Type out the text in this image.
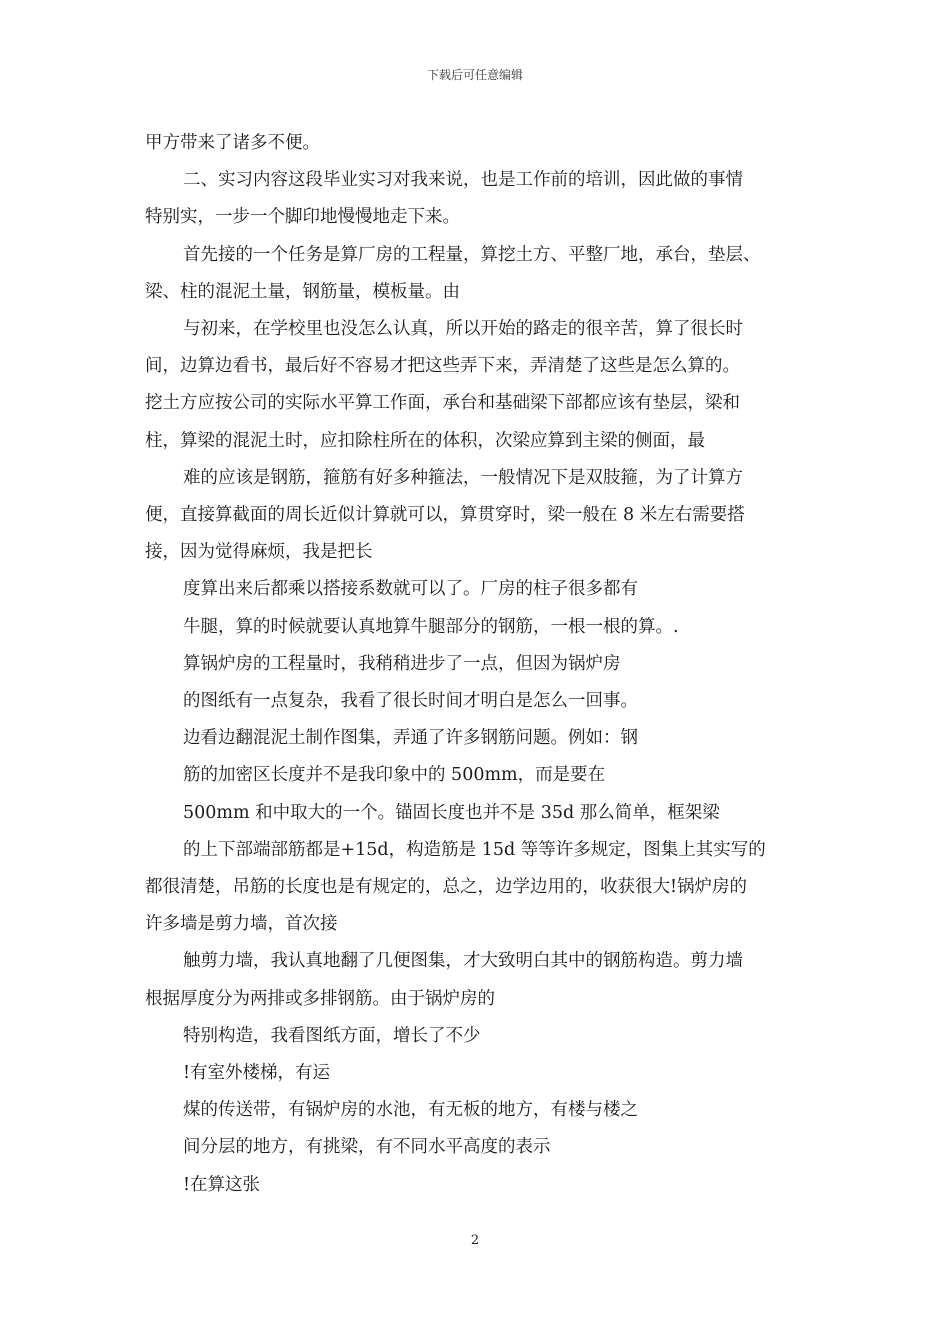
下载后可任意编辑

甲方带来了诸多不便。

二、实习内容这段毕业实习对我来说，也是工作前的培训，因此做的事情

特别实，一步一个脚印地慢慢地走下来。

首先接的一个任务是算厂房的工程量，算挖土方、平整厂地，承台，垫层、

梁、柱的混泥土量，钢筋量，模板量。由

与初来，在学校里也没怎么认真，所以开始的路走的很辛苦，算了很长时

间，边算边看书，最后好不容易才把这些弄下来，弄清楚了这些是怎么算的。

挖土方应按公司的实际水平算工作面，承台和基础梁下部都应该有垫层，梁和

柱，算梁的混泥土时，应扣除柱所在的体积，次梁应算到主梁的侧面，最

难的应该是钢筋，箍筋有好多种箍法，一般情况下是双肢箍，为了计算方

便，直接算截面的周长近似计算就可以，算贯穿时，梁一般在 8 米左右需要搭

接，因为觉得麻烦，我是把长

度算出来后都乘以搭接系数就可以了。厂房的柱子很多都有

牛腿，算的时候就要认真地算牛腿部分的钢筋，一根一根的算。.

算锅炉房的工程量时，我稍稍进步了一点，但因为锅炉房

的图纸有一点复杂，我看了很长时间才明白是怎么一回事。

边看边翻混泥土制作图集，弄通了许多钢筋问题。例如：钢

筋的加密区长度并不是我印象中的 500mm，而是要在

500mm 和中取大的一个。锚固长度也并不是 35d 那么简单，框架梁

的上下部端部筋都是+15d，构造筋是 15d 等等许多规定，图集上其实写的

都很清楚，吊筋的长度也是有规定的，总之，边学边用的，收获很大!锅炉房的

许多墙是剪力墙，首次接

触剪力墙，我认真地翻了几便图集，才大致明白其中的钢筋构造。剪力墙

根据厚度分为两排或多排钢筋。由于锅炉房的

特别构造，我看图纸方面，增长了不少

!有室外楼梯，有运

煤的传送带，有锅炉房的水池，有无板的地方，有楼与楼之

间分层的地方，有挑梁，有不同水平高度的表示

!在算这张

2
